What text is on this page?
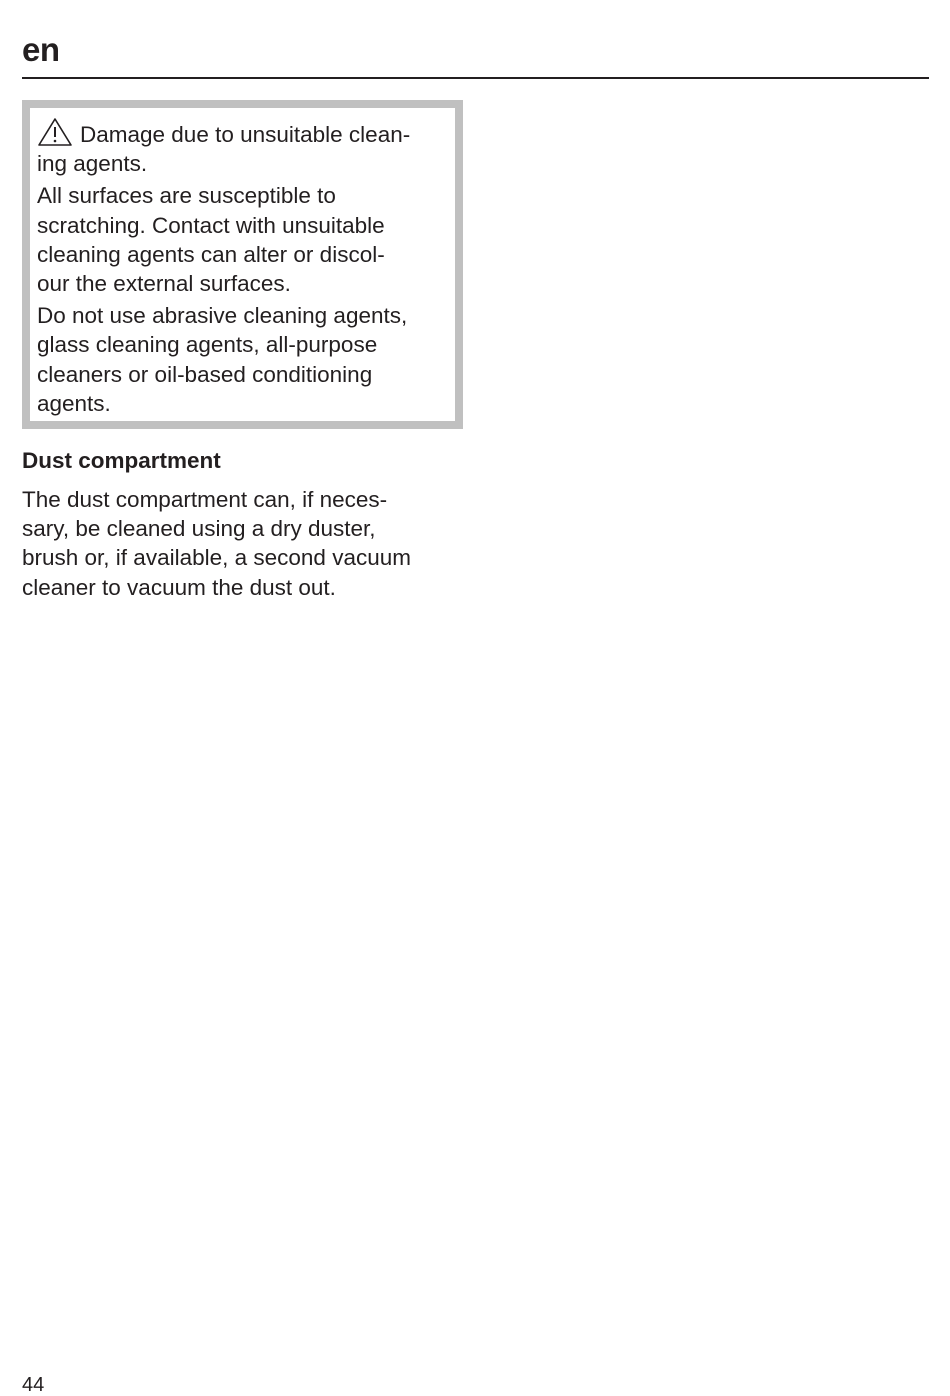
en

Damage due to unsuitable clean-
ing agents.

All surfaces are susceptible to
scratching. Contact with unsuitable
cleaning agents can alter or discol-
our the external surfaces.

Do not use abrasive cleaning agents,
glass cleaning agents, all-purpose
cleaners or oil-based conditioning
agents.

Dust compartment
The dust compartment can, if neces-
sary, be cleaned using a dry duster,
brush or, if available, a second vacuum
cleaner to vacuum the dust out.
44
